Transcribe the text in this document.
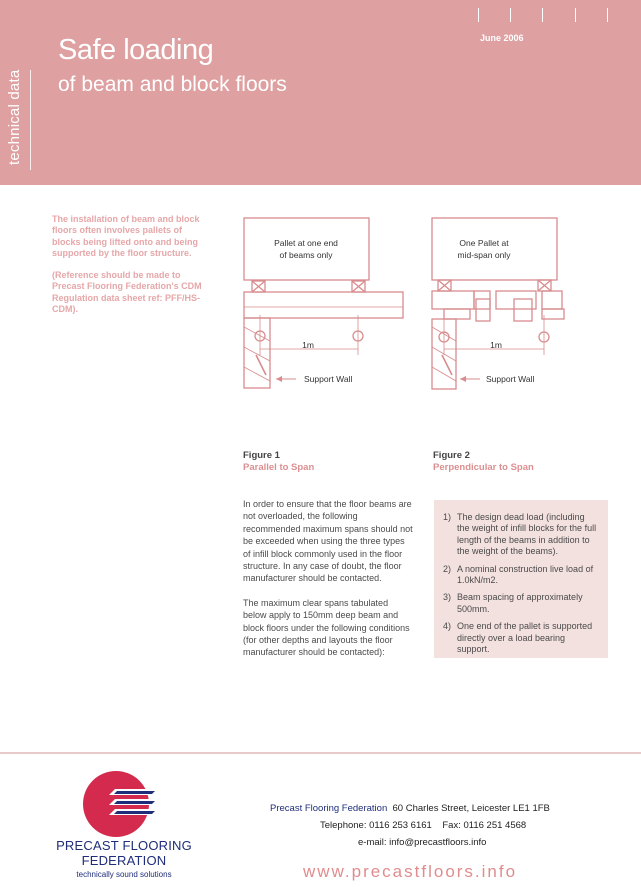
technical data
Safe loading
of beam and block floors
June 2006

The installation of beam and block floors often involves pallets of blocks being lifted onto and being supported by the floor structure.

(Reference should be made to Precast Flooring Federation's CDM Regulation data sheet ref: PFF/HS-CDM).

Pallet at one end
of beams only
1m
Support Wall
Figure 1
Parallel to Span
One Pallet at
mid-span only
1m
Support Wall
Figure 2
Perpendicular to Span

In order to ensure that the floor beams are not overloaded, the following recommended maximum spans should not be exceeded when using the three types of infill block commonly used in the floor structure. In any case of doubt, the floor manufacturer should be contacted.

The maximum clear spans tabulated below apply to 150mm deep beam and block floors under the following conditions (for other depths and layouts the floor manufacturer should be contacted):

1) The design dead load (including the weight of infill blocks for the full length of the beams in addition to the weight of the beams).
2) A nominal construction live load of 1.0kN/m2.
3) Beam spacing of approximately 500mm.
4) One end of the pallet is supported directly over a load bearing support.
PRECAST FLOORING
FEDERATION
technically sound solutions
Precast Flooring Federation 60 Charles Street, Leicester LE1 1FB
Telephone: 0116 253 6161    Fax: 0116 251 4568
e-mail: info@precastfloors.info
www.precastfloors.info
